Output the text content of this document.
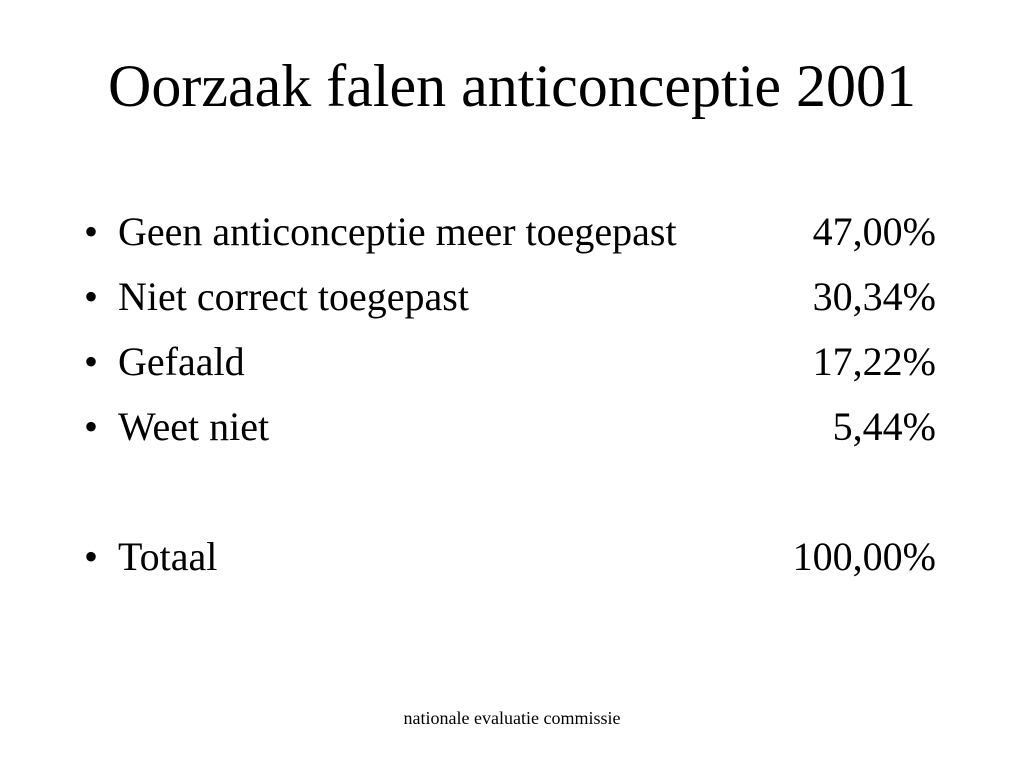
Oorzaak falen anticonceptie 2001
• Geen anticonceptie meer toegepast	47,00%
• Niet correct toegepast	30,34%
• Gefaald	17,22%
• Weet niet	5,44%
• Totaal	100,00%
nationale evaluatie commissie
